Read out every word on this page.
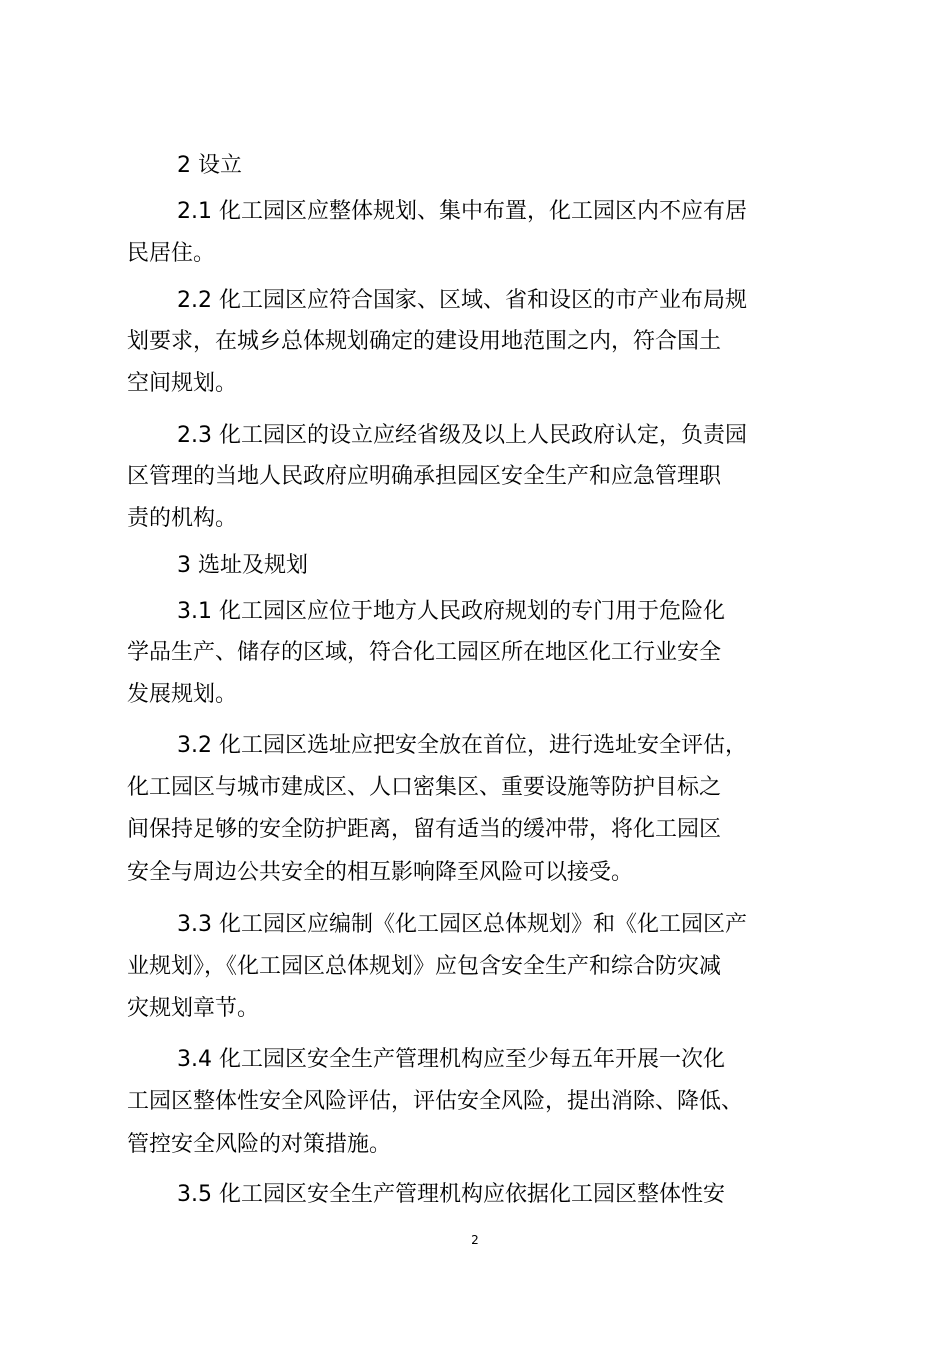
2 设立
2.1 化工园区应整体规划、集中布置，化工园区内不应有居
民居住。
2.2 化工园区应符合国家、区域、省和设区的市产业布局规
划要求，在城乡总体规划确定的建设用地范围之内，符合国土
空间规划。
2.3 化工园区的设立应经省级及以上人民政府认定，负责园
区管理的当地人民政府应明确承担园区安全生产和应急管理职
责的机构。
3 选址及规划
3.1 化工园区应位于地方人民政府规划的专门用于危险化
学品生产、储存的区域，符合化工园区所在地区化工行业安全
发展规划。
3.2 化工园区选址应把安全放在首位，进行选址安全评估，
化工园区与城市建成区、人口密集区、重要设施等防护目标之
间保持足够的安全防护距离，留有适当的缓冲带，将化工园区
安全与周边公共安全的相互影响降至风险可以接受。
3.3 化工园区应编制《化工园区总体规划》和《化工园区产
业规划》，《化工园区总体规划》应包含安全生产和综合防灾减
灾规划章节。
3.4 化工园区安全生产管理机构应至少每五年开展一次化
工园区整体性安全风险评估，评估安全风险，提出消除、降低、
管控安全风险的对策措施。
3.5 化工园区安全生产管理机构应依据化工园区整体性安
2
